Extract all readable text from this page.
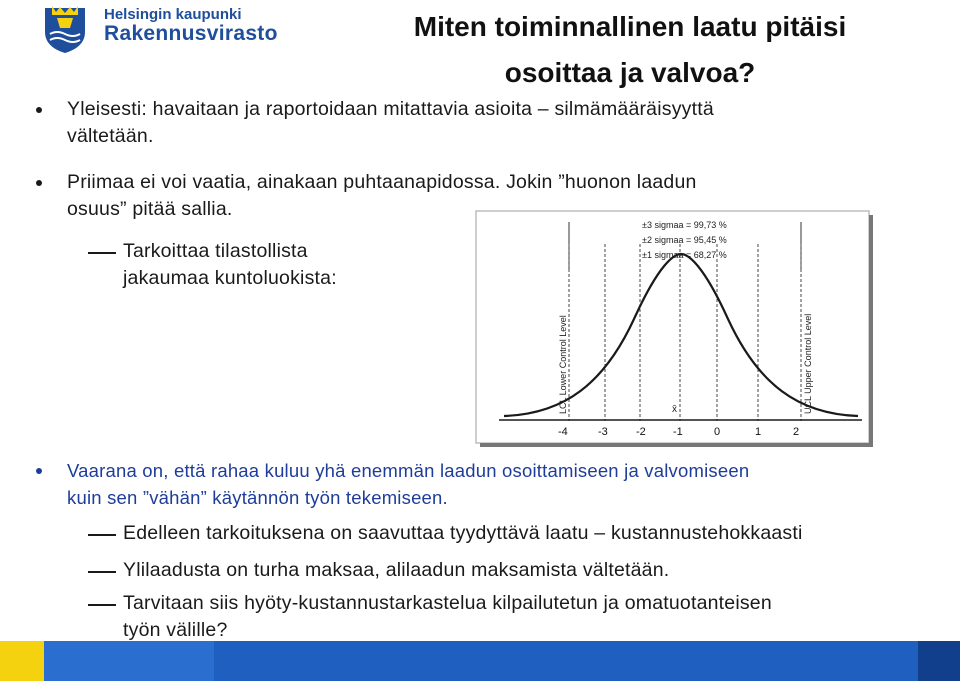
Helsingin kaupunki
Rakennusvirasto	Miten toiminnallinen laatu pitäisi
osoittaa ja valvoa?
Yleisesti: havaitaan ja raportoidaan mitattavia asioita – silmämääräisyyttä
vältetään.
Priimaa ei voi vaatia, ainakaan puhtaanapidossa. Jokin ”huonon laadun
osuus” pitää sallia.
Tarkoittaa tilastollista
jakaumaa kuntoluokista:
±3 sigmaa = 99,73 %
±2 sigmaa = 95,45 %
±1 sigmaa = 68,27 %
LCL Lower Control Level	UCL Upper Control Level
x̄
-4	-3	-2 -1	0	1	2
Vaarana on, että rahaa kuluu yhä enemmän laadun osoittamiseen ja valvomiseen
kuin sen ”vähän” käytännön työn tekemiseen.
Edelleen tarkoituksena on saavuttaa tyydyttävä laatu – kustannustehokkaasti
Ylilaadusta on turha maksaa, alilaadun maksamista vältetään.
Tarvitaan siis hyöty-kustannustarkastelua kilpailutetun ja omatuotanteisen
työn välille?
